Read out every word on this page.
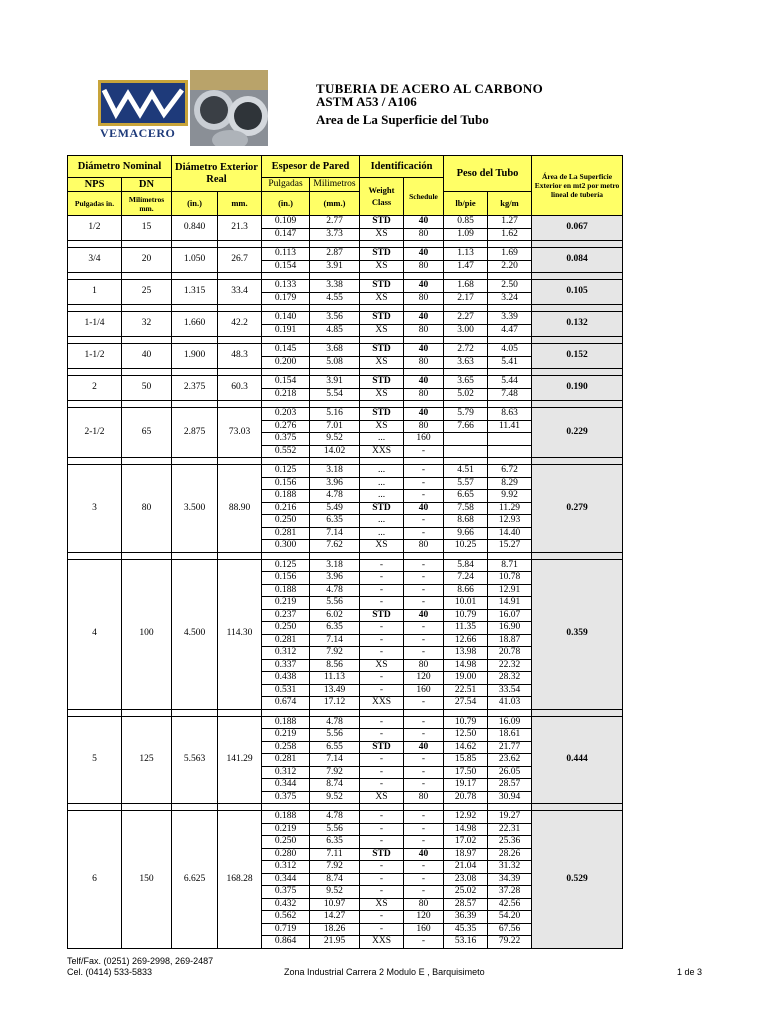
VEMACERO
TUBERIA DE ACERO AL CARBONO
ASTM A53 / A106
Area de La Superficie del Tubo
Diámetro Nominal		Diámetro Exterior Real		Espesor de Pared		Identificación		Peso del Tubo		Área de La Superficie Exterior en mt2 por metro lineal de tubería
NPS	DN			Pulgadas	Milimetros	Weight Class	Schedule			
Pulgadas in.	Milímetros mm.	(in.)	mm.	(in.)	(mm.)			lb/pie	kg/m	
1/2	15	0.840	21.3	0.109	2.77	STD	40	0.85	1.27	0.067
				0.147	3.73	XS	80	1.09	1.62	

3/4	20	1.050	26.7	0.113	2.87	STD	40	1.13	1.69	0.084
				0.154	3.91	XS	80	1.47	2.20	

1	25	1.315	33.4	0.133	3.38	STD	40	1.68	2.50	0.105
				0.179	4.55	XS	80	2.17	3.24	

1-1/4	32	1.660	42.2	0.140	3.56	STD	40	2.27	3.39	0.132
				0.191	4.85	XS	80	3.00	4.47	

1-1/2	40	1.900	48.3	0.145	3.68	STD	40	2.72	4.05	0.152
				0.200	5.08	XS	80	3.63	5.41	

2	50	2.375	60.3	0.154	3.91	STD	40	3.65	5.44	0.190
				0.218	5.54	XS	80	5.02	7.48	

2-1/2	65	2.875	73.03	0.203	5.16	STD	40	5.79	8.63	0.229
				0.276	7.01	XS	80	7.66	11.41	
				0.375	9.52	...	160			
				0.552	14.02	XXS	-			

3	80	3.500	88.90	0.125	3.18	...	-	4.51	6.72	0.279
				0.156	3.96	...	-	5.57	8.29	
				0.188	4.78	...	-	6.65	9.92	
				0.216	5.49	STD	40	7.58	11.29	
				0.250	6.35	...	-	8.68	12.93	
				0.281	7.14	...	-	9.66	14.40	
				0.300	7.62	XS	80	10.25	15.27	

4	100	4.500	114.30	0.125	3.18	-	-	5.84	8.71	0.359
				0.156	3.96	-	-	7.24	10.78	
				0.188	4.78	-	-	8.66	12.91	
				0.219	5.56	-	-	10.01	14.91	
				0.237	6.02	STD	40	10.79	16.07	
				0.250	6.35	-	-	11.35	16.90	
				0.281	7.14	-	-	12.66	18.87	
				0.312	7.92	-	-	13.98	20.78	
				0.337	8.56	XS	80	14.98	22.32	
				0.438	11.13	-	120	19.00	28.32	
				0.531	13.49	-	160	22.51	33.54	
				0.674	17.12	XXS	-	27.54	41.03	

5	125	5.563	141.29	0.188	4.78	-	-	10.79	16.09	0.444
				0.219	5.56	-	-	12.50	18.61	
				0.258	6.55	STD	40	14.62	21.77	
				0.281	7.14	-	-	15.85	23.62	
				0.312	7.92	-	-	17.50	26.05	
				0.344	8.74	-	-	19.17	28.57	
				0.375	9.52	XS	80	20.78	30.94	

6	150	6.625	168.28	0.188	4.78	-	-	12.92	19.27	0.529
				0.219	5.56	-	-	14.98	22.31	
				0.250	6.35	-	-	17.02	25.36	
				0.280	7.11	STD	40	18.97	28.26	
				0.312	7.92	-	-	21.04	31.32	
				0.344	8.74	-	-	23.08	34.39	
				0.375	9.52	-	-	25.02	37.28	
				0.432	10.97	XS	80	28.57	42.56	
				0.562	14.27	-	120	36.39	54.20	
				0.719	18.26	-	160	45.35	67.56	
				0.864	21.95	XXS	-	53.16	79.22	
Telf/Fax. (0251) 269-2998, 269-2487
Cel. (0414) 533-5833	Zona Industrial Carrera 2 Modulo E , Barquisimeto	1 de 3
